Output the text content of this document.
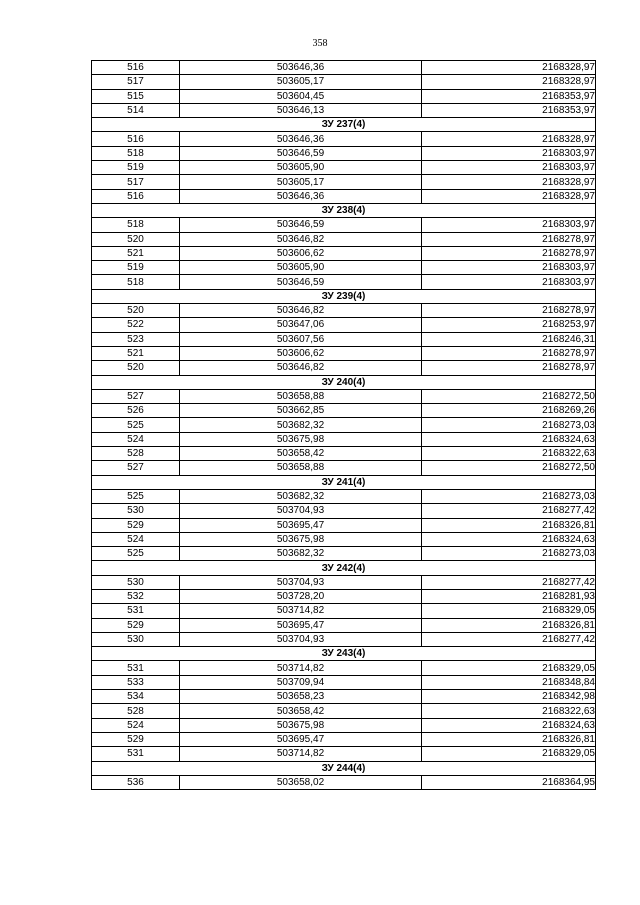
358
516	503646,36	2168328,97
517	503605,17	2168328,97
515	503604,45	2168353,97
514	503646,13	2168353,97
ЗУ 237(4)		
516	503646,36	2168328,97
518	503646,59	2168303,97
519	503605,90	2168303,97
517	503605,17	2168328,97
516	503646,36	2168328,97
ЗУ 238(4)		
518	503646,59	2168303,97
520	503646,82	2168278,97
521	503606,62	2168278,97
519	503605,90	2168303,97
518	503646,59	2168303,97
ЗУ 239(4)		
520	503646,82	2168278,97
522	503647,06	2168253,97
523	503607,56	2168246,31
521	503606,62	2168278,97
520	503646,82	2168278,97
ЗУ 240(4)		
527	503658,88	2168272,50
526	503662,85	2168269,26
525	503682,32	2168273,03
524	503675,98	2168324,63
528	503658,42	2168322,63
527	503658,88	2168272,50
ЗУ 241(4)		
525	503682,32	2168273,03
530	503704,93	2168277,42
529	503695,47	2168326,81
524	503675,98	2168324,63
525	503682,32	2168273,03
ЗУ 242(4)		
530	503704,93	2168277,42
532	503728,20	2168281,93
531	503714,82	2168329,05
529	503695,47	2168326,81
530	503704,93	2168277,42
ЗУ 243(4)		
531	503714,82	2168329,05
533	503709,94	2168348,84
534	503658,23	2168342,98
528	503658,42	2168322,63
524	503675,98	2168324,63
529	503695,47	2168326,81
531	503714,82	2168329,05
ЗУ 244(4)		
536	503658,02	2168364,95
